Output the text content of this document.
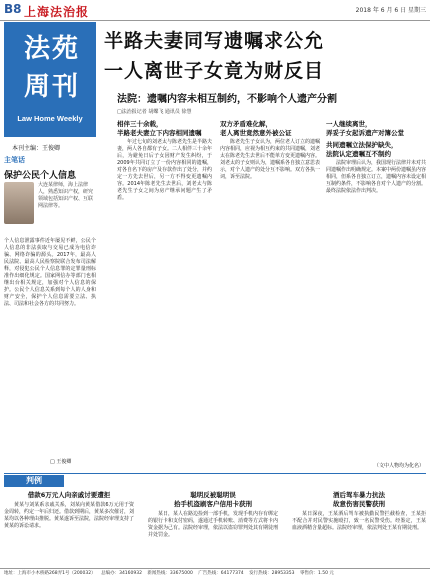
B8 上海法治报	2018 年 6 月 6 日 星期三
法苑
周刊
Law Home Weekly
本刊主编：王俊卿
主笔话
保护公民个人信息
大连某律师，海上法律人，熟悉知识产权，研究领域包括知识产权、互联网法律等。
个人信息泄露事件近年屡见不鲜，公民个人信息的非法获取与交易已成为电信诈骗、网络诈骗的源头。2017年，最高人民法院、最高人民检察院联合发布司法解释，对侵犯公民个人信息罪的定罪量刑标准作出细化规定。国家网信办等部门也相继出台相关规定，加强对个人信息的保护。公民个人信息关系到每个人的人身和财产安全，保护个人信息需要立法、执法、司法和社会各方的共同努力。
□ 王俊卿
半路夫妻同写遗嘱求公允
一人离世子女竟为财反目
法院：遗嘱内容未相互制约，不影响个人遗产分割
□法治报记者 胡蝶飞 通讯员 徐慧
相伴三十余载，
半路老夫妻立下内容相同遗嘱

年过七旬的刘老太与陈老先生是半路夫妻，两人各自都有子女。二人相伴三十余年后，为避免日后子女因财产发生纠纷，于2009年共同订立了一份内容相同的遗嘱，对各自名下的房产及存款作出了处分，并约定一方先去世后，另一方不得变更遗嘱内容。2014年陈老先生去世后，刘老太与陈老先生子女之间为房产继承问题产生了矛盾。

双方矛盾难化解，
老人离世竟然意外被公证

陈老先生子女认为，两位老人订立的遗嘱内容相同，应视为相互约束的共同遗嘱，刘老太在陈老先生去世后不能单方变更遗嘱内容。刘老太的子女则认为，遗嘱系各自独立意思表示，对个人遗产的处分互不影响。双方各执一词，诉至法院。

一人继续离世，
弄妥子女起诉遗产对簿公堂
共同遗嘱立法保护缺失，
法院认定遗嘱互不制约

法院审理后认为，我国现行法律并未对共同遗嘱作出明确规定。本案中两份遗嘱虽内容相同，但系各自独立订立，遗嘱内容未设定相互制约条件，不影响各自对个人遗产的分割。最终法院依法作出判决。

（文中人物均为化名）
判例
借款6万元人向亲戚讨要遭拒
黄某与刘某系亲戚关系，刘某向黄某借款6万元用于资金周转，约定一年后归还。借款到期后，黄某多次催讨，刘某均以各种理由推脱。黄某遂诉至法院，法院经审理支持了黄某的诉讼请求。
聪明反被聪明误
拾手机盗刷客户信用卡获刑
某日，某人在路边捡到一部手机，发现手机内存有绑定的银行卡和支付密码，遂通过手机转账、消费等方式将卡内资金据为己有。法院经审理，依法以盗窃罪判处其有期徒刑并处罚金。
酒后驾车暴力抗法
故意伤害民警获刑
某日深夜，王某酒后驾车被执勤民警拦截检查，王某拒不配合并对民警实施殴打，致一名民警受伤。经鉴定，王某血液酒精含量超标。法院经审理，依法判处王某有期徒刑。
地址：上海市小木桥路268弄1号（200032） 总编办：34160932 新闻热线：33675000 广告热线：64177374 发行热线：28953353 零售价：1.50 元
